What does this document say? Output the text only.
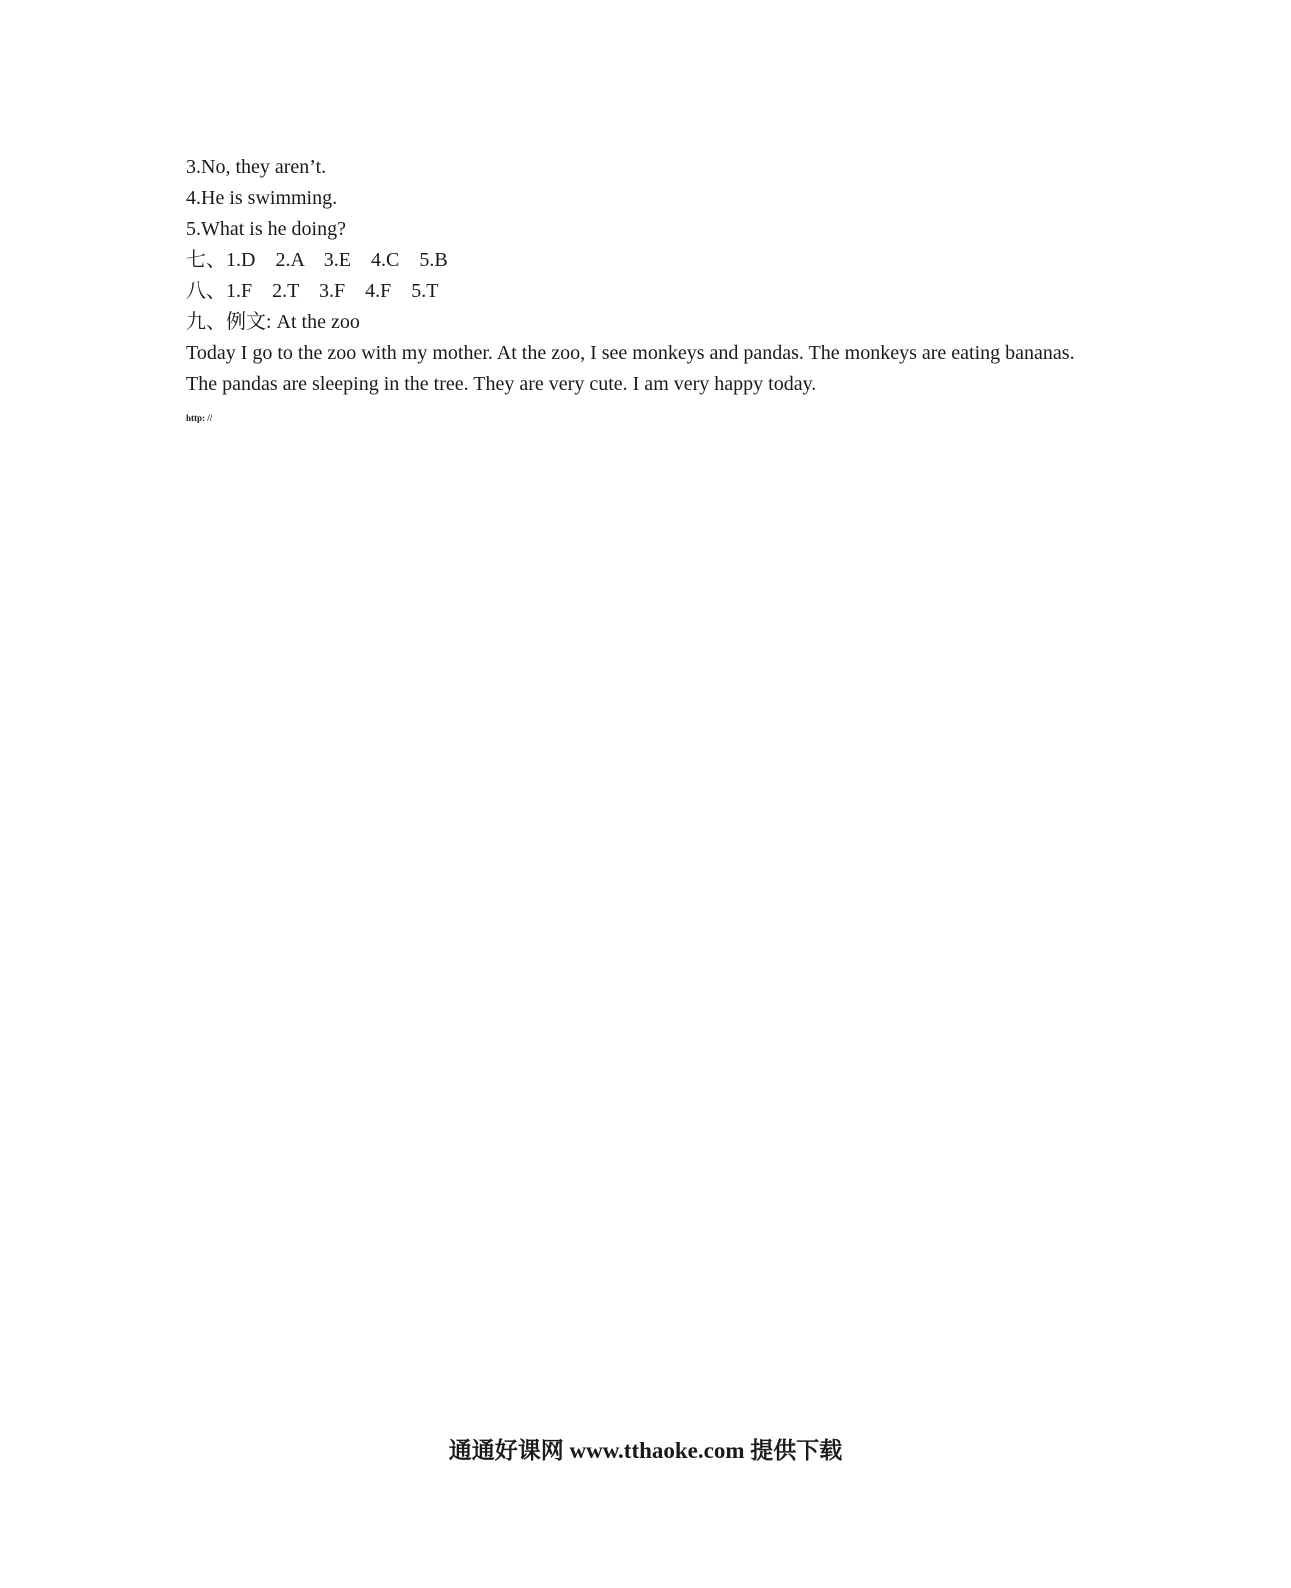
3.No, they aren’t.
4.He is swimming.
5.What is he doing?
七、1.D    2.A    3.E    4.C    5.B
八、1.F    2.T    3.F    4.F    5.T
九、例文: At the zoo
Today I go to the zoo with my mother. At the zoo, I see monkeys and pandas. The monkeys are eating bananas. The pandas are sleeping in the tree. They are very cute. I am very happy today.
http: //
通通好课网 www.tthaoke.com 提供下载
